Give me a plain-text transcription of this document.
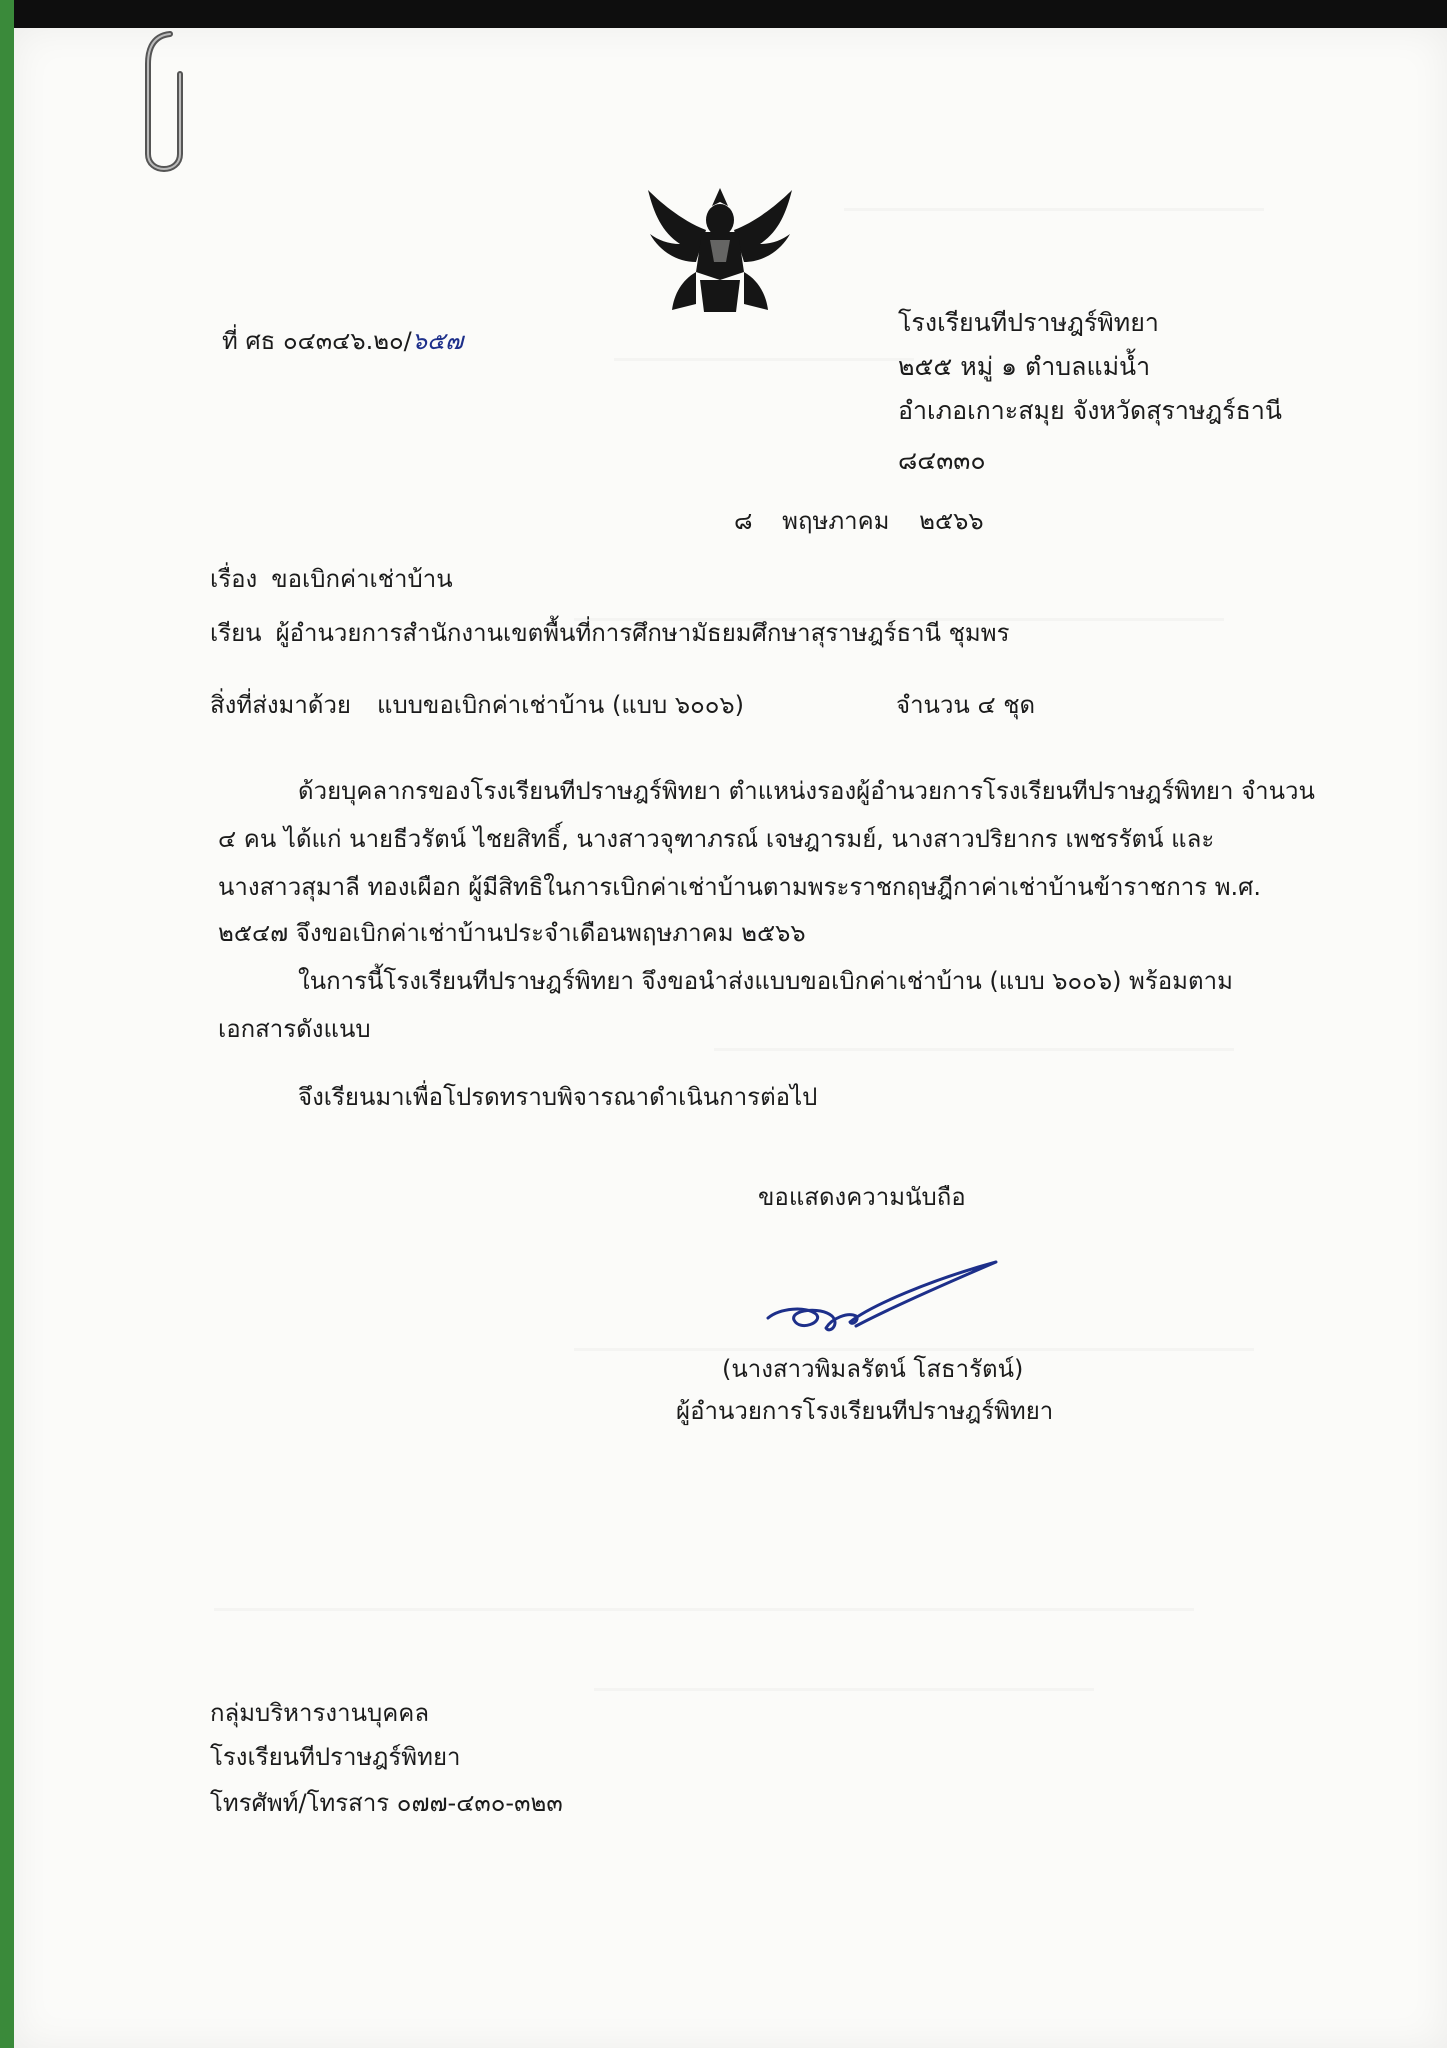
ที่ ศธ ๐๔๓๔๖.๒๐/๖๕๗
โรงเรียนทีปราษฎร์พิทยา
๒๕๕ หมู่ ๑ ตำบลแม่น้ำ
อำเภอเกาะสมุย จังหวัดสุราษฎร์ธานี
๘๔๓๓๐
๘ พฤษภาคม ๒๕๖๖
เรื่อง ขอเบิกค่าเช่าบ้าน
เรียน ผู้อำนวยการสำนักงานเขตพื้นที่การศึกษามัธยมศึกษาสุราษฎร์ธานี ชุมพร
สิ่งที่ส่งมาด้วย แบบขอเบิกค่าเช่าบ้าน (แบบ ๖๐๐๖)	จำนวน ๔ ชุด
ด้วยบุคลากรของโรงเรียนทีปราษฎร์พิทยา ตำแหน่งรองผู้อำนวยการโรงเรียนทีปราษฎร์พิทยา จำนวน
๔ คน ได้แก่ นายธีวรัตน์ ไชยสิทธิ์, นางสาวจุฑาภรณ์ เจษฎารมย์, นางสาวปริยากร เพชรรัตน์ และ
นางสาวสุมาลี ทองเผือก ผู้มีสิทธิในการเบิกค่าเช่าบ้านตามพระราชกฤษฎีกาค่าเช่าบ้านข้าราชการ พ.ศ.
๒๕๔๗ จึงขอเบิกค่าเช่าบ้านประจำเดือนพฤษภาคม ๒๕๖๖
ในการนี้โรงเรียนทีปราษฎร์พิทยา จึงขอนำส่งแบบขอเบิกค่าเช่าบ้าน (แบบ ๖๐๐๖) พร้อมตาม
เอกสารดังแนบ
จึงเรียนมาเพื่อโปรดทราบพิจารณาดำเนินการต่อไป
ขอแสดงความนับถือ
(นางสาวพิมลรัตน์ โสธารัตน์)
ผู้อำนวยการโรงเรียนทีปราษฎร์พิทยา
กลุ่มบริหารงานบุคคล
โรงเรียนทีปราษฎร์พิทยา
โทรศัพท์/โทรสาร ๐๗๗-๔๓๐-๓๒๓
